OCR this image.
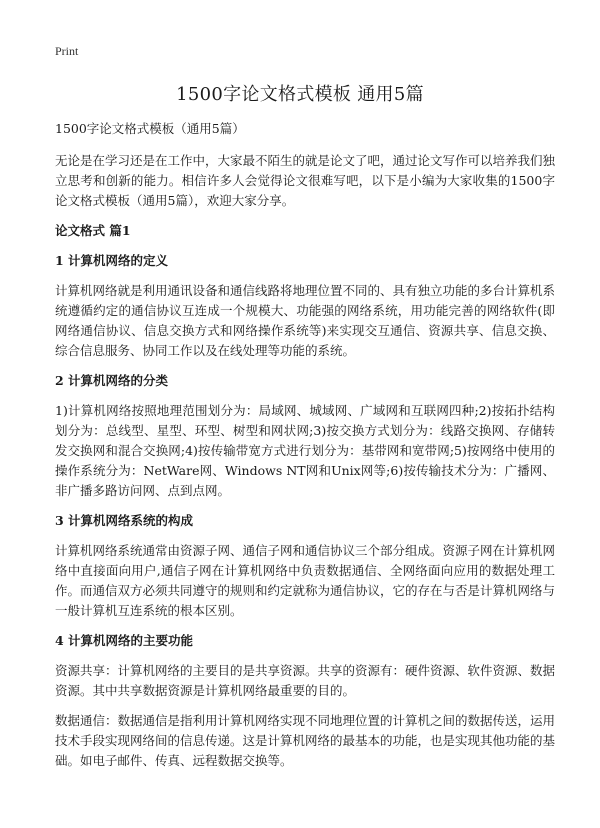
Print
1500字论文格式模板 通用5篇

1500字论文格式模板（通用5篇）

无论是在学习还是在工作中，大家最不陌生的就是论文了吧，通过论文写作可以培养我们独立思考和创新的能力。相信许多人会觉得论文很难写吧，以下是小编为大家收集的1500字论文格式模板（通用5篇），欢迎大家分享。

论文格式 篇1

1 计算机网络的定义

计算机网络就是利用通讯设备和通信线路将地理位置不同的、具有独立功能的多台计算机系统遵循约定的通信协议互连成一个规模大、功能强的网络系统，用功能完善的网络软件(即网络通信协议、信息交换方式和网络操作系统等)来实现交互通信、资源共享、信息交换、综合信息服务、协同工作以及在线处理等功能的系统。

2 计算机网络的分类

1)计算机网络按照地理范围划分为：局域网、城域网、广域网和互联网四种;2)按拓扑结构划分为：总线型、星型、环型、树型和网状网;3)按交换方式划分为：线路交换网、存储转发交换网和混合交换网;4)按传输带宽方式进行划分为：基带网和宽带网;5)按网络中使用的操作系统分为：NetWare网、Windows NT网和Unix网等;6)按传输技术分为：广播网、非广播多路访问网、点到点网。

3 计算机网络系统的构成

计算机网络系统通常由资源子网、通信子网和通信协议三个部分组成。资源子网在计算机网络中直接面向用户,通信子网在计算机网络中负责数据通信、全网络面向应用的数据处理工作。而通信双方必须共同遵守的规则和约定就称为通信协议，它的存在与否是计算机网络与一般计算机互连系统的根本区别。

4 计算机网络的主要功能

资源共享：计算机网络的主要目的是共享资源。共享的资源有：硬件资源、软件资源、数据资源。其中共享数据资源是计算机网络最重要的目的。

数据通信：数据通信是指利用计算机网络实现不同地理位置的计算机之间的数据传送，运用技术手段实现网络间的信息传递。这是计算机网络的最基本的功能，也是实现其他功能的基础。如电子邮件、传真、远程数据交换等。
